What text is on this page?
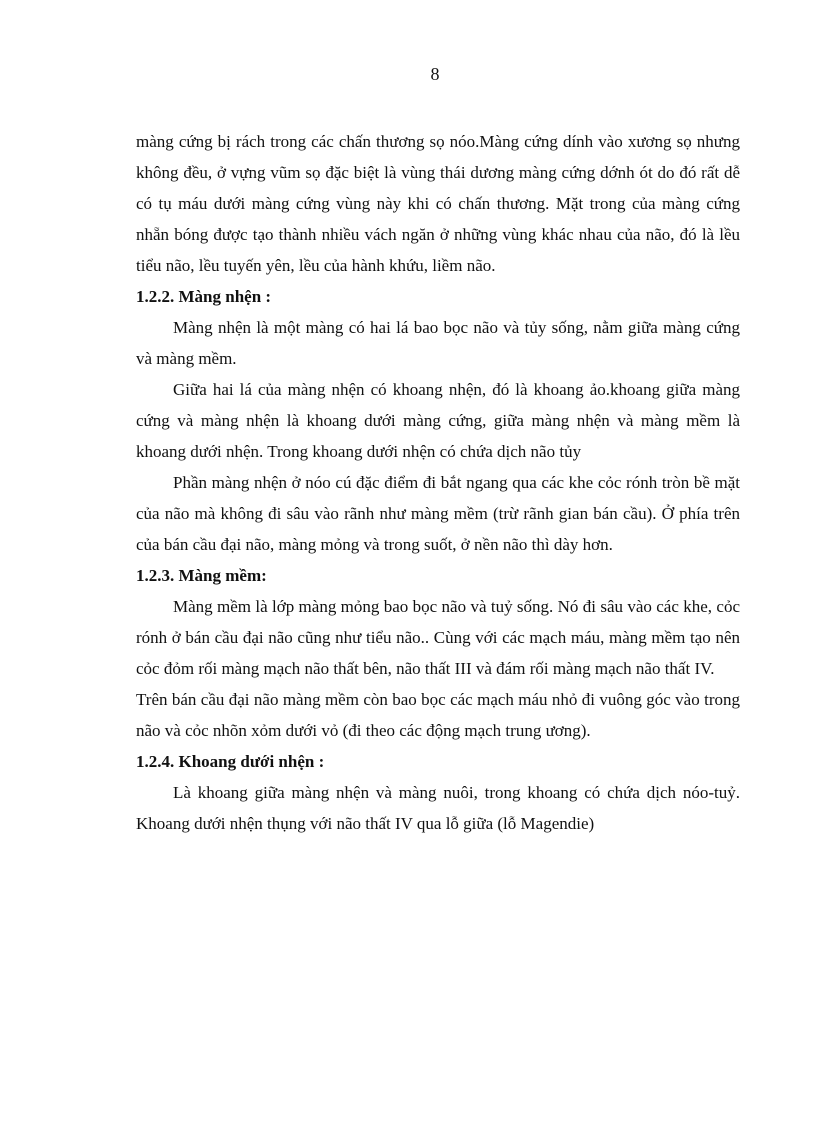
8

màng cứng bị rách trong các chấn thương sọ nóo.Màng cứng dính vào xương sọ nhưng không đều, ở vựng vũm sọ đặc biệt là vùng thái dương màng cứng dớnh ót do đó rất dễ có tụ máu dưới màng cứng vùng này khi có chấn thương. Mặt trong của màng cứng nhẵn bóng được tạo thành nhiều vách ngăn ở những vùng khác nhau của não, đó là lều tiểu não, lều tuyến yên, lều của hành khứu, liềm não.

1.2.2. Màng nhện :

Màng nhện là một màng có hai lá bao bọc não và tủy sống, nằm giữa màng cứng và màng mềm.

Giữa hai lá của màng nhện có khoang nhện, đó là khoang ảo.khoang giữa màng cứng và màng nhện là khoang dưới màng cứng, giữa màng nhện và màng mềm là khoang dưới nhện. Trong khoang dưới nhện có chứa dịch não tủy

Phần màng nhện ở nóo cú đặc điểm đi bắt ngang qua các khe cỏc rónh tròn bề mặt của não mà không đi sâu vào rãnh như màng mềm (trừ rãnh gian bán cầu). Ở phía trên của bán cầu đại não, màng mỏng và trong suốt, ở nền não thì dày hơn.

1.2.3. Màng mềm:

Màng mềm là lớp màng mỏng bao bọc não và tuỷ sống. Nó đi sâu vào các khe, cỏc rónh ở bán cầu đại não cũng như tiểu não.. Cùng với các mạch máu, màng mềm tạo nên cỏc đỏm rối màng mạch não thất bên, não thất III và đám rối màng mạch não thất IV.

Trên bán cầu đại não màng mềm còn bao bọc các mạch máu nhỏ đi vuông góc vào trong não và cỏc nhõn xỏm dưới vỏ (đi theo các động mạch trung ương).

1.2.4. Khoang dưới nhện :

Là khoang giữa màng nhện và màng nuôi, trong khoang có chứa dịch nóo-tuỷ. Khoang dưới nhện thụng với não thất IV qua lỗ giữa (lỗ Magendie)
